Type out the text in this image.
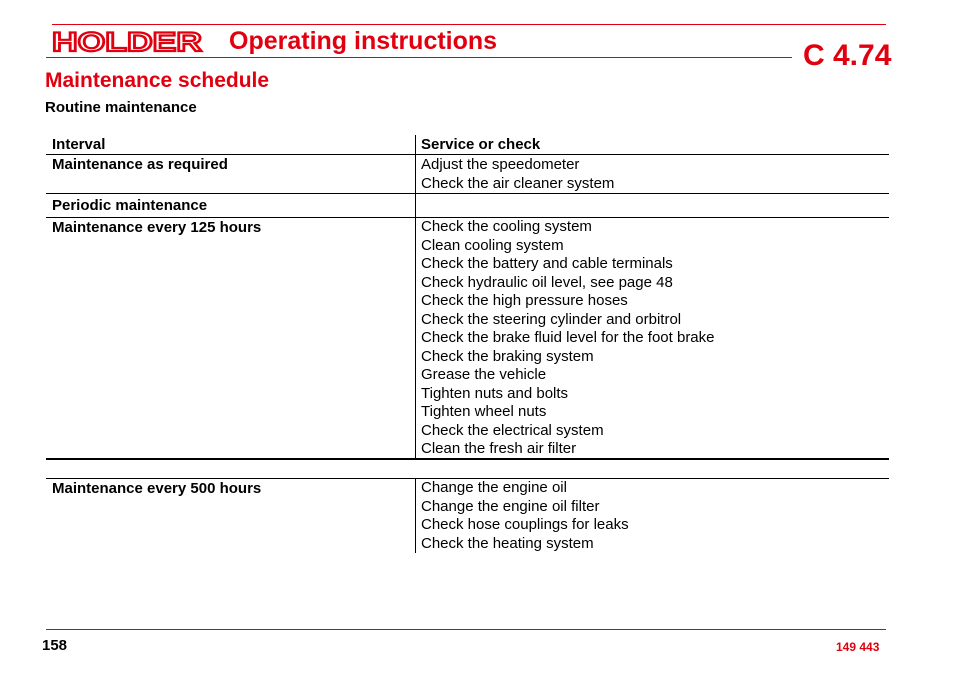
HOLDER Operating instructions	C 4.74
Maintenance schedule
Routine maintenance
Interval	Service or check
Maintenance as required	Adjust the speedometer
Check the air cleaner system
Periodic maintenance
Maintenance every 125 hours	Check the cooling system
Clean cooling system
Check the battery and cable terminals
Check hydraulic oil level, see page 48
Check the high pressure hoses
Check the steering cylinder and orbitrol
Check the brake fluid level for the foot brake
Check the braking system
Grease the vehicle
Tighten nuts and bolts
Tighten wheel nuts
Check the electrical system
Clean the fresh air filter
Maintenance every 500 hours	Change the engine oil
Change the engine oil filter
Check hose couplings for leaks
Check the heating system
158	149 443
